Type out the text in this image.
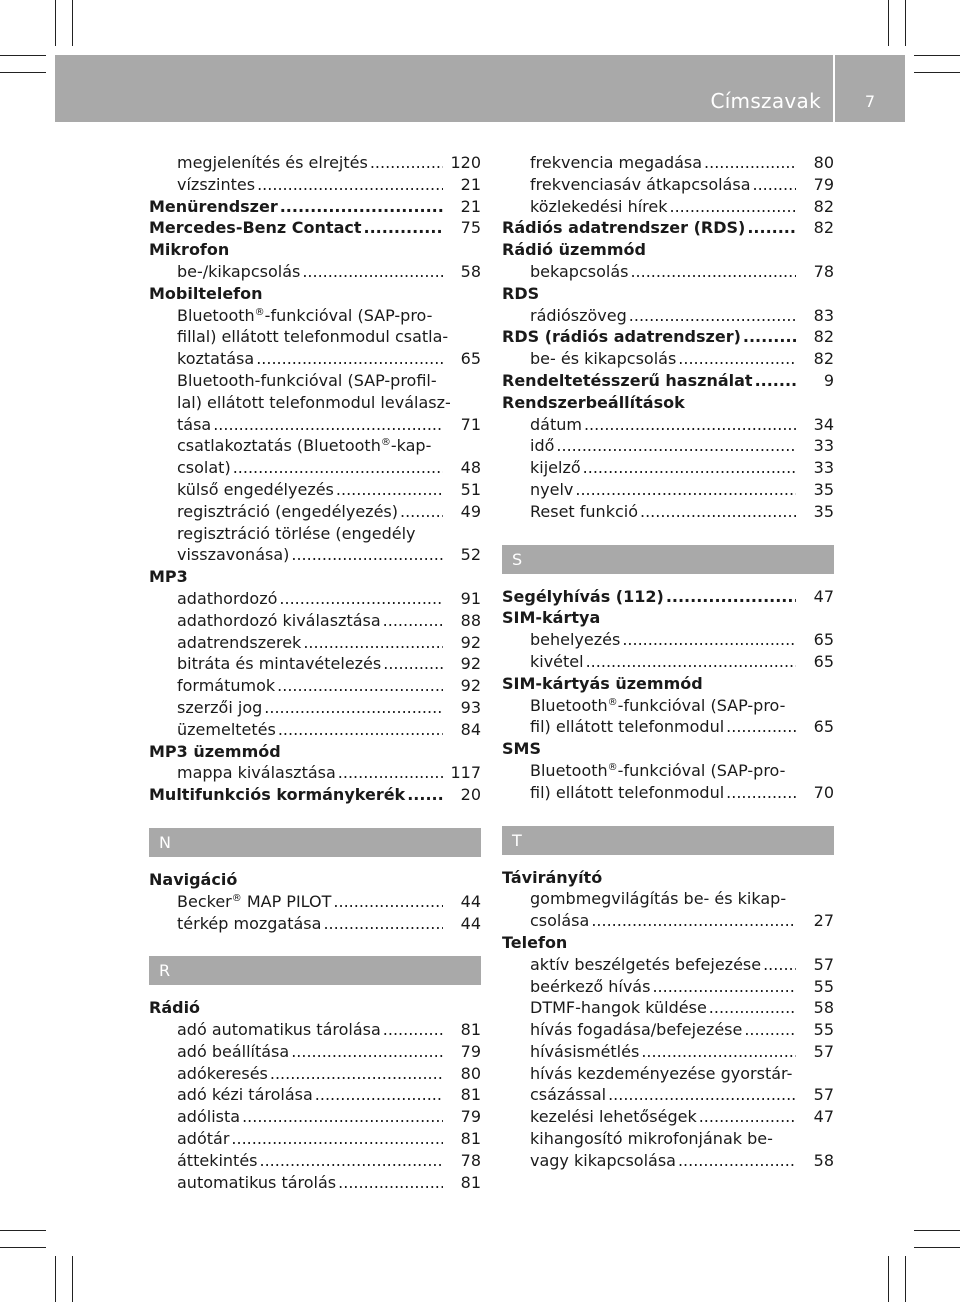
Címszavak	7
megjelenítés és elrejtés .....	120
vízszintes .....	21
Menürendszer .....	21
Mercedes-Benz Contact .....	75
Mikrofon
be-/kikapcsolás .....	58
Mobiltelefon
Bluetooth®-funkcióval (SAP-pro-
fillal) ellátott telefonmodul csatla-
koztatása .....	65
Bluetooth-funkcióval (SAP-profil-
lal) ellátott telefonmodul leválasz-
tása .....	71
csatlakoztatás (Bluetooth®-kap-
csolat) .....	48
külső engedélyezés .....	51
regisztráció (engedélyezés) .....	49
regisztráció törlése (engedély
visszavonása) .....	52
MP3
adathordozó .....	91
adathordozó kiválasztása .....	88
adatrendszerek .....	92
bitráta és mintavételezés .....	92
formátumok .....	92
szerzői jog .....	93
üzemeltetés .....	84
MP3 üzemmód
mappa kiválasztása .....	117
Multifunkciós kormánykerék .....	20
N
Navigáció
Becker® MAP PILOT .....	44
térkép mozgatása .....	44
R
Rádió
adó automatikus tárolása .....	81
adó beállítása .....	79
adókeresés .....	80
adó kézi tárolása .....	81
adólista .....	79
adótár .....	81
áttekintés .....	78
automatikus tárolás .....	81
frekvencia megadása .....	80
frekvenciasáv átkapcsolása .....	79
közlekedési hírek .....	82
Rádiós adatrendszer (RDS) .....	82
Rádió üzemmód
bekapcsolás .....	78
RDS
rádiószöveg .....	83
RDS (rádiós adatrendszer) .....	82
be- és kikapcsolás .....	82
Rendeltetésszerű használat .....	9
Rendszerbeállítások
dátum .....	34
idő .....	33
kijelző .....	33
nyelv .....	35
Reset funkció .....	35
S
Segélyhívás (112) .....	47
SIM-kártya
behelyezés .....	65
kivétel .....	65
SIM-kártyás üzemmód
Bluetooth®-funkcióval (SAP-pro-
fil) ellátott telefonmodul .....	65
SMS
Bluetooth®-funkcióval (SAP-pro-
fil) ellátott telefonmodul .....	70
T
Távirányító
gombmegvilágítás be- és kikap-
csolása .....	27
Telefon
aktív beszélgetés befejezése .....	57
beérkező hívás .....	55
DTMF-hangok küldése .....	58
hívás fogadása/befejezése .....	55
hívásismétlés .....	57
hívás kezdeményezése gyorstár-
csázással .....	57
kezelési lehetőségek .....	47
kihangosító mikrofonjának be-
vagy kikapcsolása .....	58
